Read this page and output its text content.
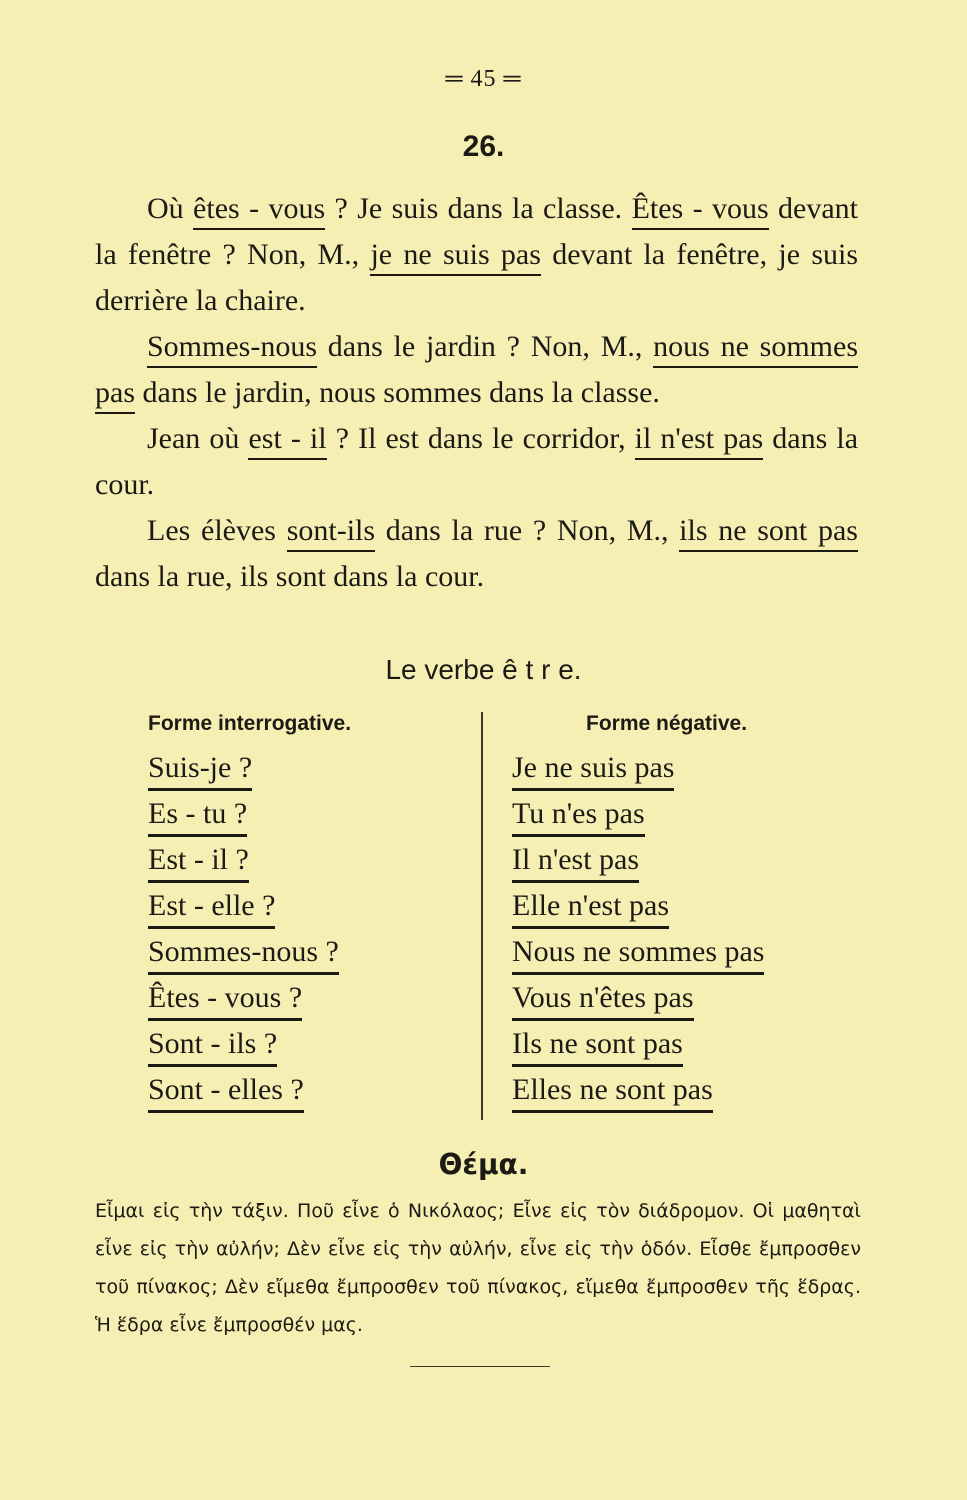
═ 45 ═
26.

Où êtes - vous ? Je suis dans la classe. Êtes - vous devant la fenêtre ? Non, M., je ne suis pas devant la fenêtre, je suis derrière la chaire.

Sommes-nous dans le jardin ? Non, M., nous ne sommes pas dans le jardin, nous sommes dans la classe.

Jean où est - il ? Il est dans le corridor, il n'est pas dans la cour.

Les élèves sont-ils dans la rue ? Non, M., ils ne sont pas dans la rue, ils sont dans la cour.

Le verbe ê t r e.
Forme interrogative.
Suis-je ?
Es - tu ?
Est - il ?
Est - elle ?
Sommes-nous ?
Êtes - vous ?
Sont - ils ?
Sont - elles ?
Forme négative.
Je ne suis pas
Tu n'es pas
Il n'est pas
Elle n'est pas
Nous ne sommes pas
Vous n'êtes pas
Ils ne sont pas
Elles ne sont pas
Θέμα.

Εἶμαι εἰς τὴν τάξιν. Ποῦ εἶνε ὁ Νικόλαος; Εἶνε εἰς τὸν διάδρομον. Οἱ μαθηταὶ εἶνε εἰς τὴν αὐλήν; Δὲν εἶνε εἰς τὴν αὐλήν, εἶνε εἰς τὴν ὁδόν. Εἶσθε ἔμπροσθεν τοῦ πίνακος; Δὲν εἴμεθα ἔμπροσθεν τοῦ πίνακος, εἴμεθα ἔμπροσθεν τῆς ἕδρας. Ἡ ἕδρα εἶνε ἔμπροσθέν μας.
